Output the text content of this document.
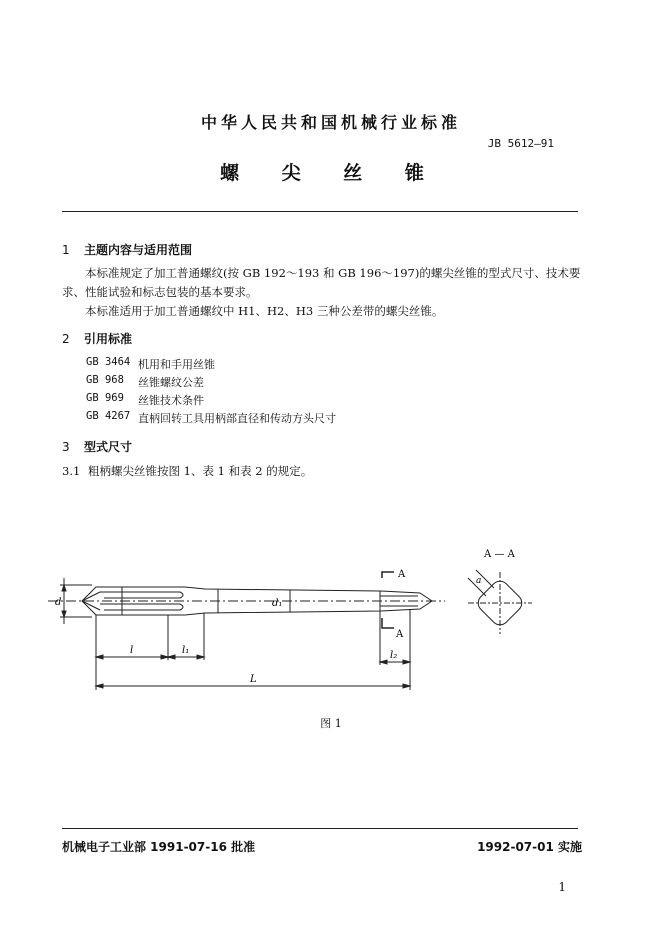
中华人民共和国机械行业标准
JB 5612—91
螺 尖 丝 锥
1 主题内容与适用范围
本标准规定了加工普通螺纹(按 GB 192～193 和 GB 196～197)的螺尖丝锥的型式尺寸、技术要求、性能试验和标志包装的基本要求。
本标准适用于加工普通螺纹中 H1、H2、H3 三种公差带的螺尖丝锥。
2 引用标准
GB 3464 机用和手用丝锥
GB 968	丝锥螺纹公差
GB 969	丝锥技术条件
GB 4267 直柄回转工具用柄部直径和传动方头尺寸
3 型式尺寸
3.1 粗柄螺尖丝锥按图 1、表 1 和表 2 的规定。
d	d₁
A
A
l	l₁	l₂
L
a
A — A
图 1
机械电子工业部 1991-07-16 批准	1992-07-01 实施
1
